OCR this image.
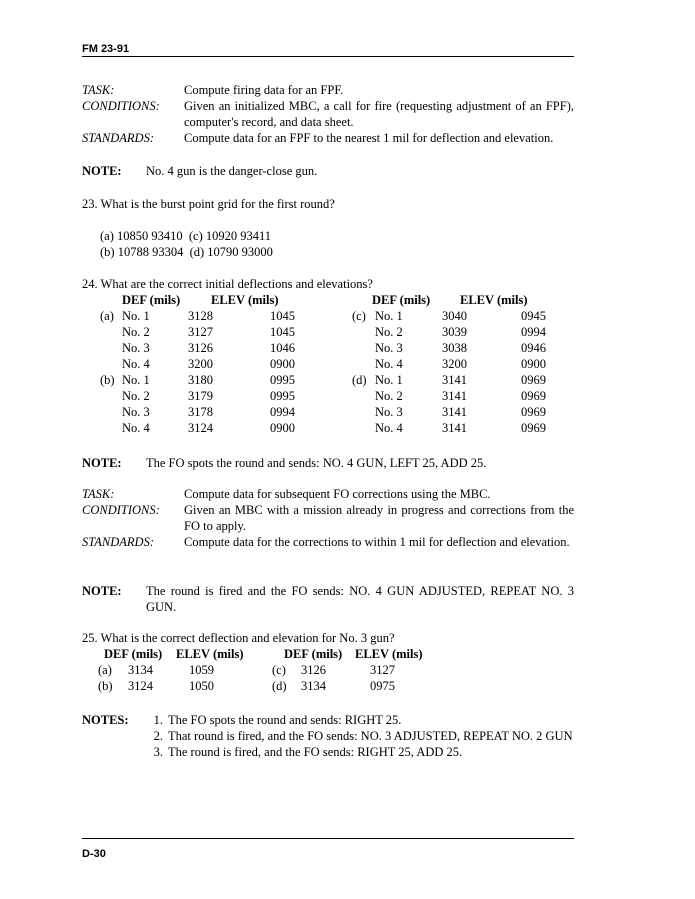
FM 23-91
D-30
TASK:	Compute firing data for an FPF.
CONDITIONS:	Given an initialized MBC, a call for fire (requesting adjustment of an FPF), computer's record, and data sheet.
STANDARDS:	Compute data for an FPF to the nearest 1 mil for deflection and elevation.
NOTE:	No. 4 gun is the danger-close gun.
23. What is the burst point grid for the first round?
(a) 10850 93410  (c) 10920 93411
(b) 10788 93304  (d) 10790 93000
24. What are the correct initial deflections and elevations?
DEF (mils) ELEV (mils)	DEF (mils) ELEV (mils)
(a) No. 1	3128	1045
No. 2	3127	1045
No. 3	3126	1046
No. 4	3200	0900
(b) No. 1	3180	0995
No. 2	3179	0995
No. 3	3178	0994
No. 4	3124	0900
(c) No. 1	3040	0945
No. 2	3039	0994
No. 3	3038	0946
No. 4	3200	0900
(d) No. 1	3141	0969
No. 2	3141	0969
No. 3	3141	0969
No. 4	3141	0969
NOTE:	The FO spots the round and sends: NO. 4 GUN, LEFT 25, ADD 25.
TASK:	Compute data for subsequent FO corrections using the MBC.
CONDITIONS:	Given an MBC with a mission already in progress and corrections from the FO to apply.
STANDARDS:	Compute data for the corrections to within 1 mil for deflection and elevation.
NOTE:	The round is fired and the FO sends: NO. 4 GUN ADJUSTED, REPEAT NO. 3 GUN.
25. What is the correct deflection and elevation for No. 3 gun?
DEF (mils) ELEV (mils)	DEF (mils) ELEV (mils)
(a) 3134	1059
(b) 3124	1050
(c) 3126	3127
(d) 3134	0975
NOTES:	1. The FO spots the round and sends: RIGHT 25.
2. That round is fired, and the FO sends: NO. 3 ADJUSTED, REPEAT NO. 2 GUN
3. The round is fired, and the FO sends: RIGHT 25, ADD 25.
